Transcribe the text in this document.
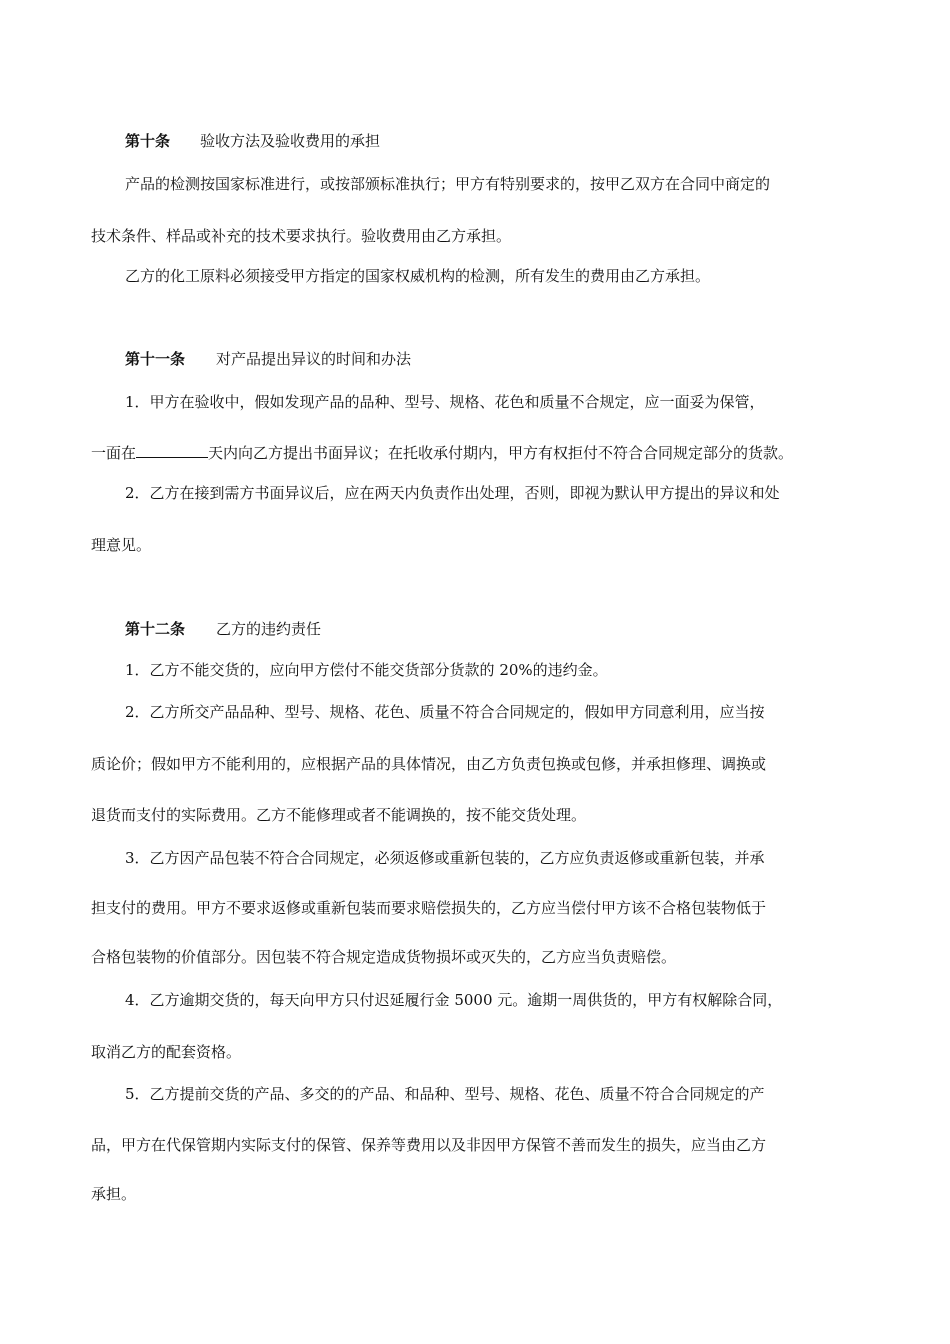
第十条 验收方法及验收费用的承担
产品的检测按国家标准进行，或按部颁标准执行；甲方有特别要求的，按甲乙双方在合同中商定的
技术条件、样品或补充的技术要求执行。验收费用由乙方承担。
乙方的化工原料必须接受甲方指定的国家权威机构的检测，所有发生的费用由乙方承担。
第十一条 对产品提出异议的时间和办法
1．甲方在验收中，假如发现产品的品种、型号、规格、花色和质量不合规定，应一面妥为保管，
一面在	天内向乙方提出书面异议；在托收承付期内，甲方有权拒付不符合合同规定部分的货款。
2．乙方在接到需方书面异议后，应在两天内负责作出处理，否则，即视为默认甲方提出的异议和处
理意见。
第十二条 乙方的违约责任
1．乙方不能交货的，应向甲方偿付不能交货部分货款的 20%的违约金。
2．乙方所交产品品种、型号、规格、花色、质量不符合合同规定的，假如甲方同意利用，应当按
质论价；假如甲方不能利用的，应根据产品的具体情况，由乙方负责包换或包修，并承担修理、调换或
退货而支付的实际费用。乙方不能修理或者不能调换的，按不能交货处理。
3．乙方因产品包装不符合合同规定，必须返修或重新包装的，乙方应负责返修或重新包装，并承
担支付的费用。甲方不要求返修或重新包装而要求赔偿损失的，乙方应当偿付甲方该不合格包装物低于
合格包装物的价值部分。因包装不符合规定造成货物损坏或灭失的，乙方应当负责赔偿。
4．乙方逾期交货的，每天向甲方只付迟延履行金 5000 元。逾期一周供货的，甲方有权解除合同，
取消乙方的配套资格。
5．乙方提前交货的产品、多交的的产品、和品种、型号、规格、花色、质量不符合合同规定的产
品，甲方在代保管期内实际支付的保管、保养等费用以及非因甲方保管不善而发生的损失，应当由乙方
承担。
